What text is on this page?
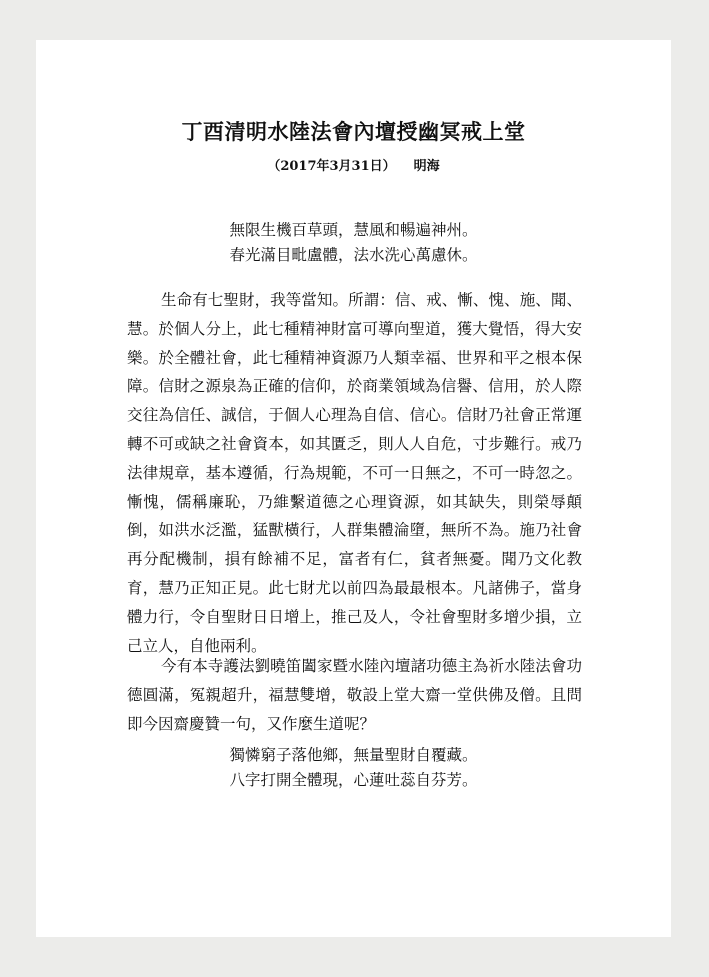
丁酉清明水陸法會內壇授幽冥戒上堂
（2017年3月31日） 明海
無限生機百草頭，慧風和暢遍神州。
春光滿目毗盧體，法水洗心萬慮休。

生命有七聖財，我等當知。所謂：信、戒、慚、愧、施、聞、慧。於個人分上，此七種精神財富可導向聖道，獲大覺悟，得大安樂。於全體社會，此七種精神資源乃人類幸福、世界和平之根本保障。信財之源泉為正確的信仰，於商業領域為信譽、信用，於人際交往為信任、誠信，于個人心理為自信、信心。信財乃社會正常運轉不可或缺之社會資本，如其匱乏，則人人自危，寸步難行。戒乃法律規章，基本遵循，行為規範，不可一日無之，不可一時忽之。慚愧，儒稱廉恥，乃維繫道德之心理資源，如其缺失，則榮辱顛倒，如洪水泛濫，猛獸橫行，人群集體淪墮，無所不為。施乃社會再分配機制，損有餘補不足，富者有仁，貧者無憂。聞乃文化教育，慧乃正知正見。此七財尤以前四為最最根本。凡諸佛子，當身體力行，令自聖財日日增上，推己及人，令社會聖財多增少損，立己立人，自他兩利。

今有本寺護法劉曉笛闔家暨水陸內壇諸功德主為祈水陸法會功德圓滿，冤親超升，福慧雙增，敬設上堂大齋一堂供佛及僧。且問即今因齋慶贊一句，又作麼生道呢？

獨憐窮子落他鄉，無量聖財自覆藏。
八字打開全體現，心蓮吐蕊自芬芳。
